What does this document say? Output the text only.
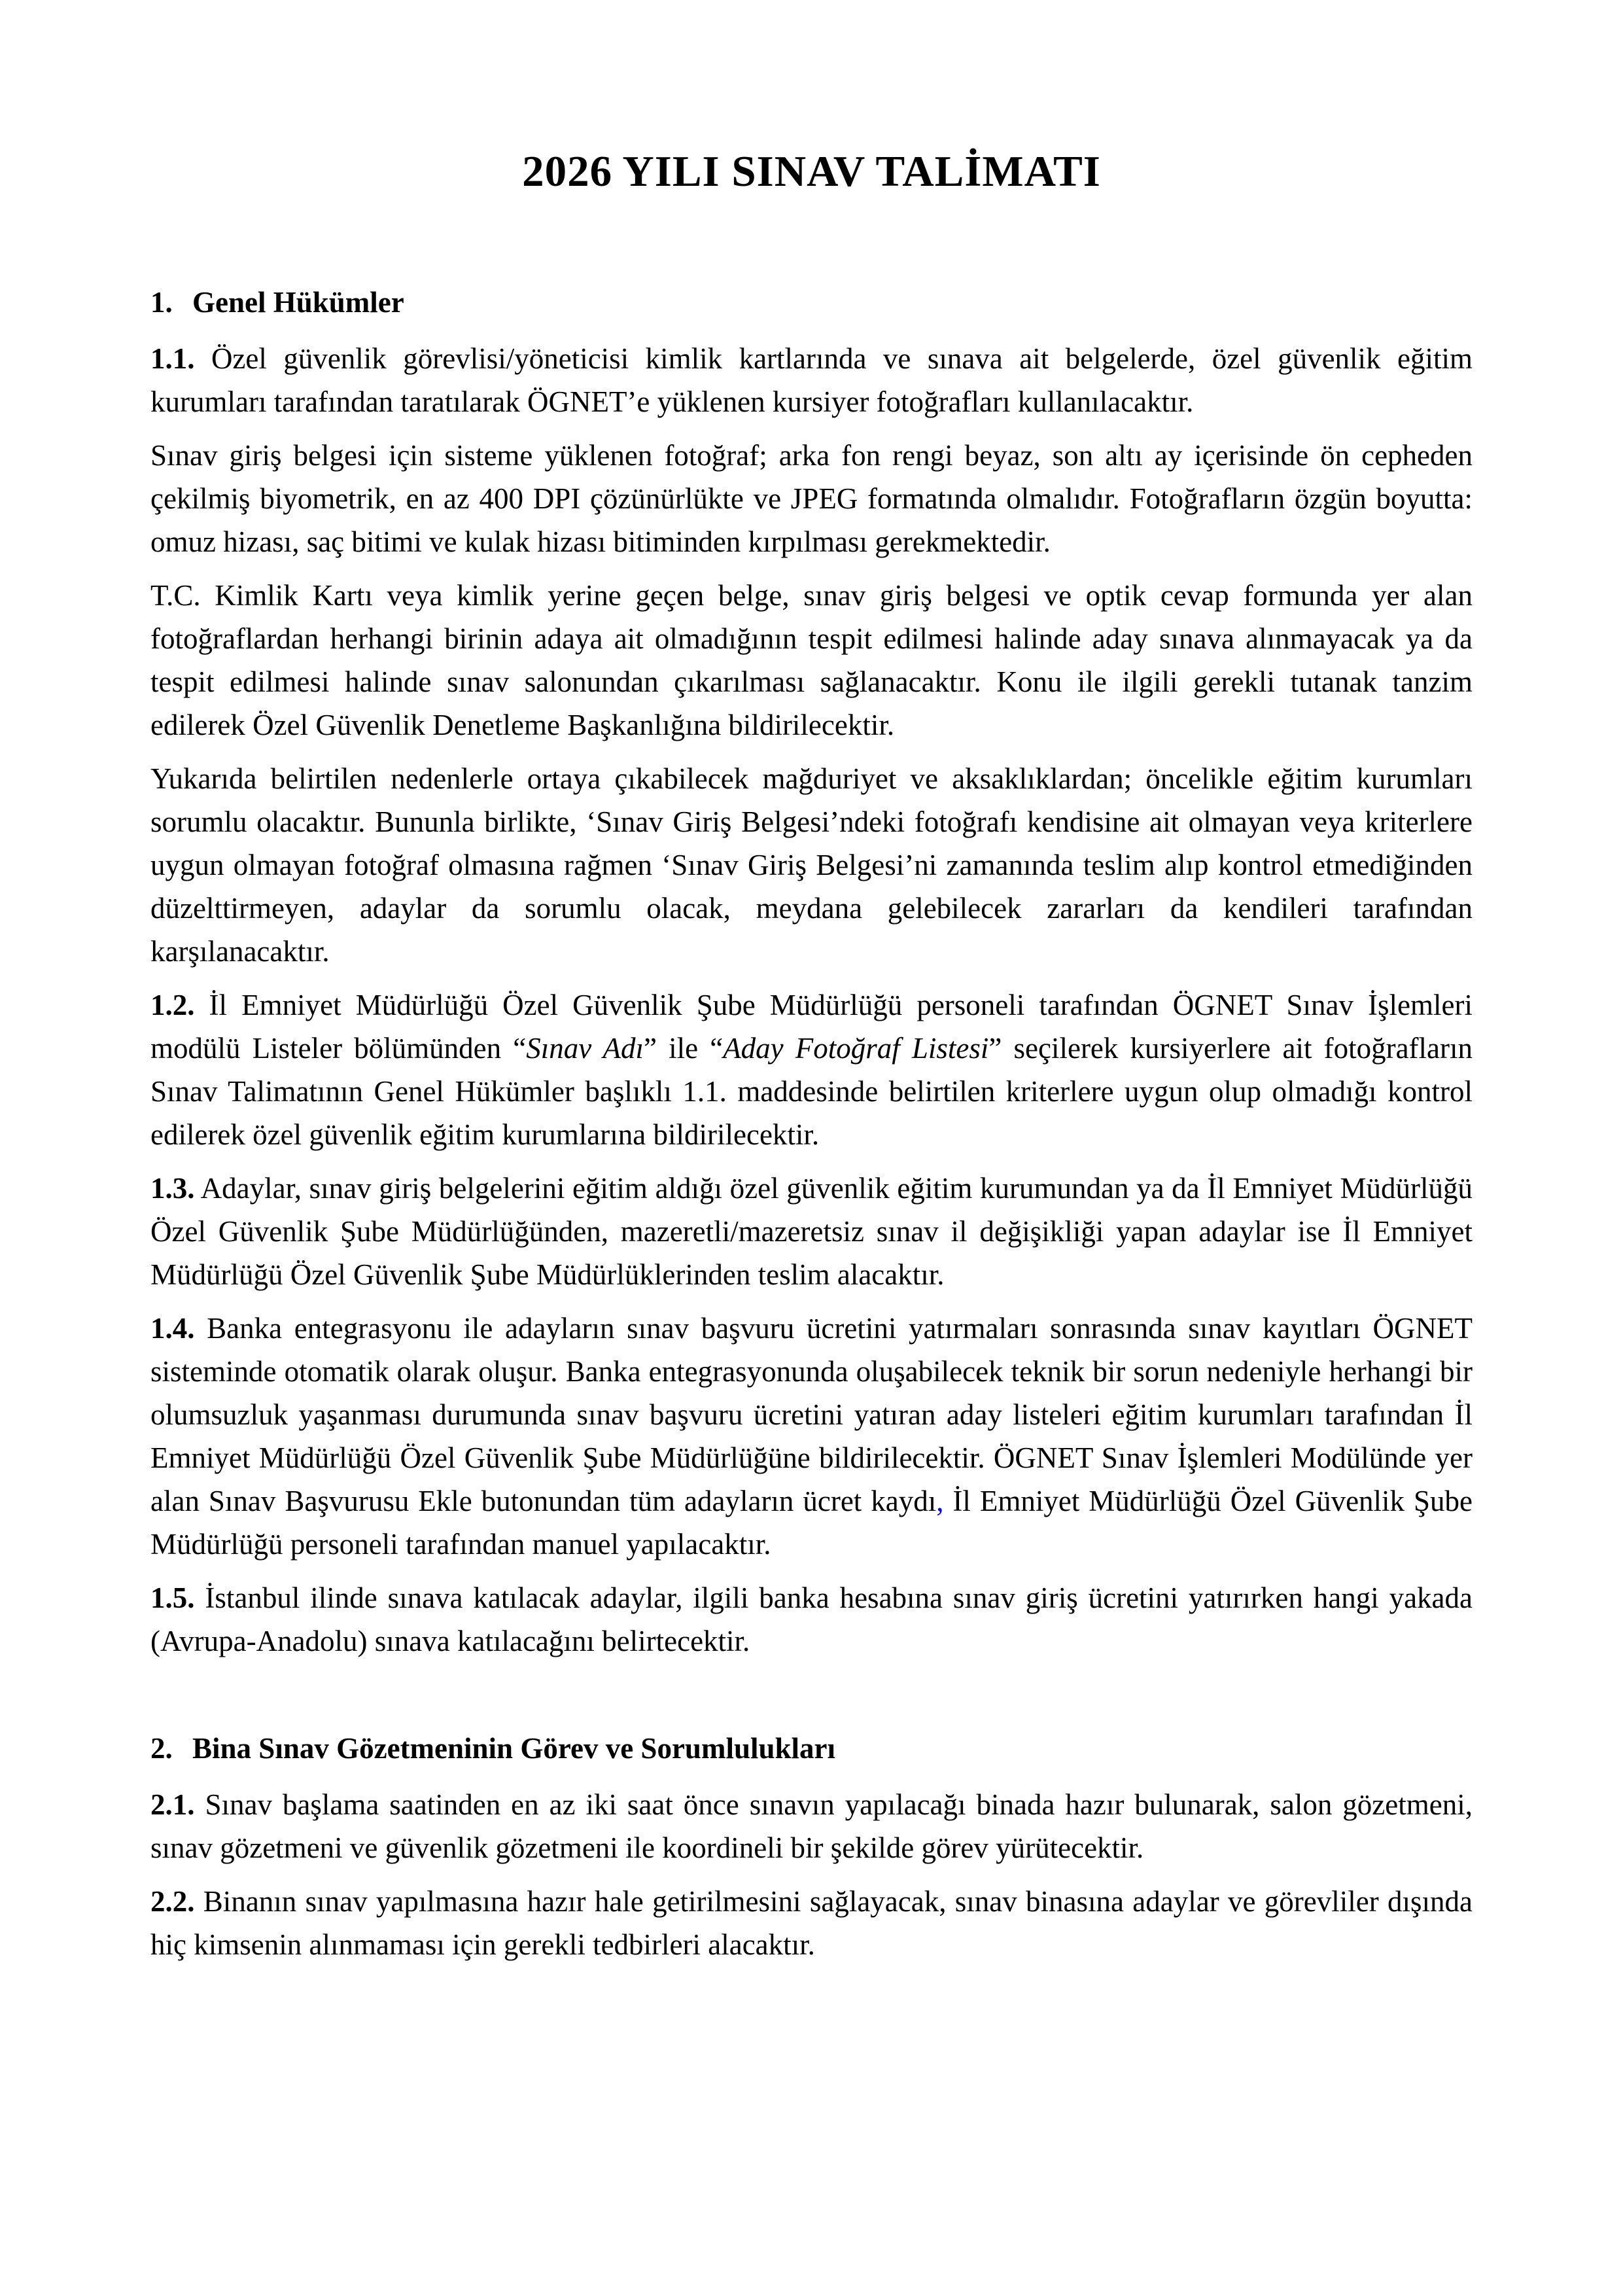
2026 YILI SINAV TALİMATI

1. Genel Hükümler

1.1. Özel güvenlik görevlisi/yöneticisi kimlik kartlarında ve sınava ait belgelerde, özel güvenlik eğitim kurumları tarafından taratılarak ÖGNET’e yüklenen kursiyer fotoğrafları kullanılacaktır.

Sınav giriş belgesi için sisteme yüklenen fotoğraf; arka fon rengi beyaz, son altı ay içerisinde ön cepheden çekilmiş biyometrik, en az 400 DPI çözünürlükte ve JPEG formatında olmalıdır. Fotoğrafların özgün boyutta: omuz hizası, saç bitimi ve kulak hizası bitiminden kırpılması gerekmektedir.

T.C. Kimlik Kartı veya kimlik yerine geçen belge, sınav giriş belgesi ve optik cevap formunda yer alan fotoğraflardan herhangi birinin adaya ait olmadığının tespit edilmesi halinde aday sınava alınmayacak ya da tespit edilmesi halinde sınav salonundan çıkarılması sağlanacaktır. Konu ile ilgili gerekli tutanak tanzim edilerek Özel Güvenlik Denetleme Başkanlığına bildirilecektir.

Yukarıda belirtilen nedenlerle ortaya çıkabilecek mağduriyet ve aksaklıklardan; öncelikle eğitim kurumları sorumlu olacaktır. Bununla birlikte, ‘Sınav Giriş Belgesi’ndeki fotoğrafı kendisine ait olmayan veya kriterlere uygun olmayan fotoğraf olmasına rağmen ‘Sınav Giriş Belgesi’ni zamanında teslim alıp kontrol etmediğinden düzelttirmeyen, adaylar da sorumlu olacak, meydana gelebilecek zararları da kendileri tarafından karşılanacaktır.

1.2. İl Emniyet Müdürlüğü Özel Güvenlik Şube Müdürlüğü personeli tarafından ÖGNET Sınav İşlemleri modülü Listeler bölümünden “Sınav Adı” ile “Aday Fotoğraf Listesi” seçilerek kursiyerlere ait fotoğrafların Sınav Talimatının Genel Hükümler başlıklı 1.1. maddesinde belirtilen kriterlere uygun olup olmadığı kontrol edilerek özel güvenlik eğitim kurumlarına bildirilecektir.

1.3. Adaylar, sınav giriş belgelerini eğitim aldığı özel güvenlik eğitim kurumundan ya da İl Emniyet Müdürlüğü Özel Güvenlik Şube Müdürlüğünden, mazeretli/mazeretsiz sınav il değişikliği yapan adaylar ise İl Emniyet Müdürlüğü Özel Güvenlik Şube Müdürlüklerinden teslim alacaktır.

1.4. Banka entegrasyonu ile adayların sınav başvuru ücretini yatırmaları sonrasında sınav kayıtları ÖGNET sisteminde otomatik olarak oluşur. Banka entegrasyonunda oluşabilecek teknik bir sorun nedeniyle herhangi bir olumsuzluk yaşanması durumunda sınav başvuru ücretini yatıran aday listeleri eğitim kurumları tarafından İl Emniyet Müdürlüğü Özel Güvenlik Şube Müdürlüğüne bildirilecektir. ÖGNET Sınav İşlemleri Modülünde yer alan Sınav Başvurusu Ekle butonundan tüm adayların ücret kaydı, İl Emniyet Müdürlüğü Özel Güvenlik Şube Müdürlüğü personeli tarafından manuel yapılacaktır.

1.5. İstanbul ilinde sınava katılacak adaylar, ilgili banka hesabına sınav giriş ücretini yatırırken hangi yakada (Avrupa-Anadolu) sınava katılacağını belirtecektir.

2. Bina Sınav Gözetmeninin Görev ve Sorumlulukları

2.1. Sınav başlama saatinden en az iki saat önce sınavın yapılacağı binada hazır bulunarak, salon gözetmeni, sınav gözetmeni ve güvenlik gözetmeni ile koordineli bir şekilde görev yürütecektir.

2.2. Binanın sınav yapılmasına hazır hale getirilmesini sağlayacak, sınav binasına adaylar ve görevliler dışında hiç kimsenin alınmaması için gerekli tedbirleri alacaktır.
